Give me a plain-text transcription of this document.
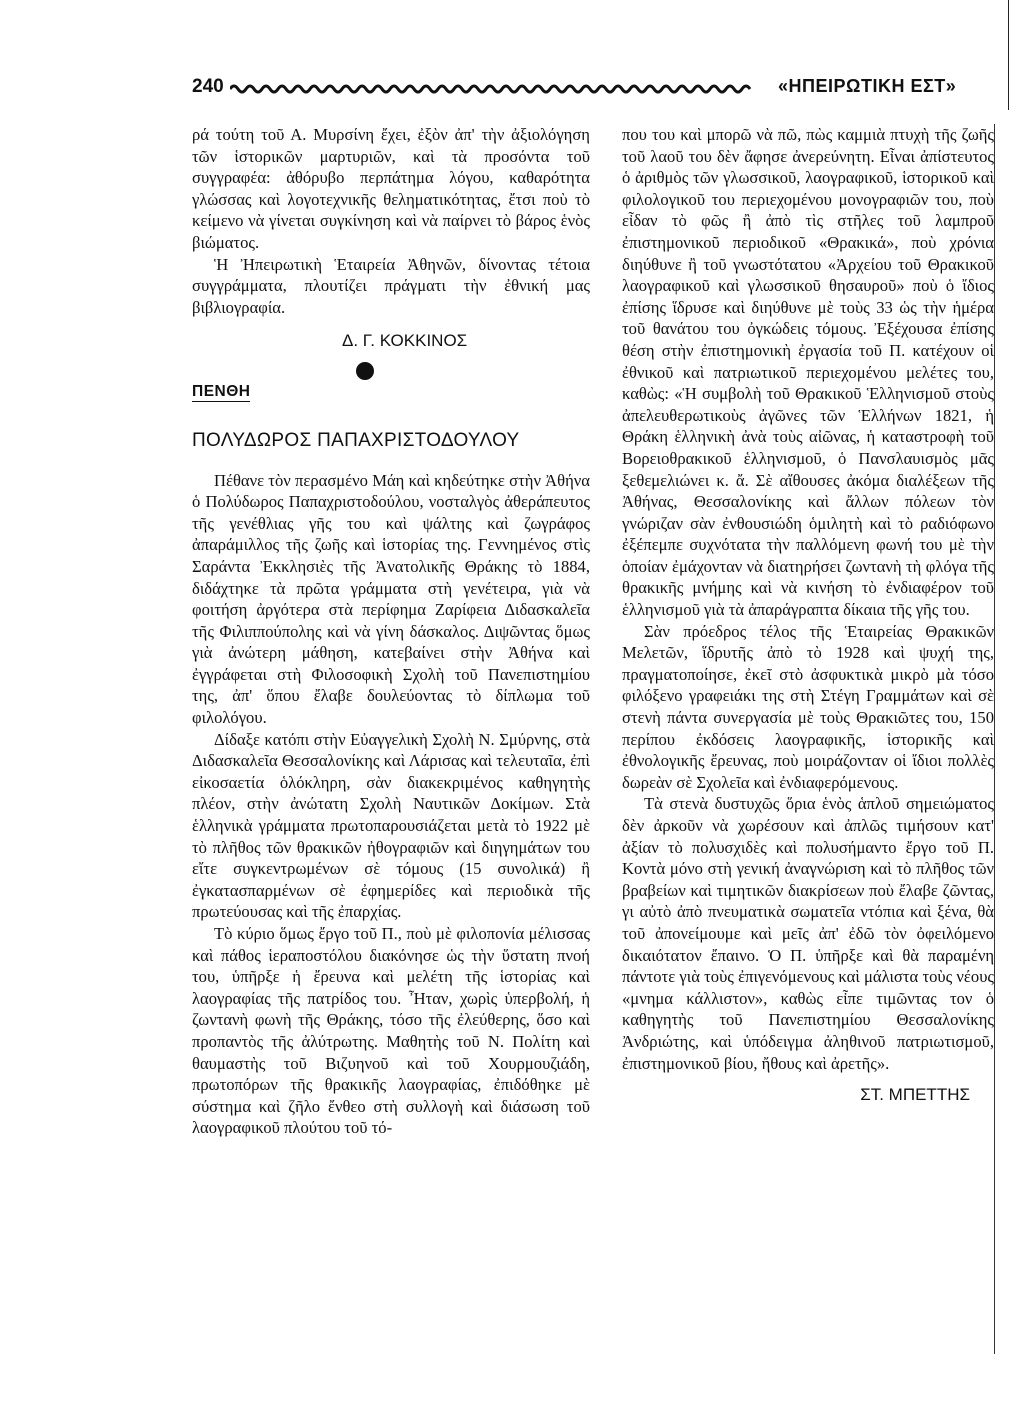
240	«ΗΠΕΙΡΩΤΙΚΗ ΕΣΤ»

ρά τούτη τοῦ Α. Μυρσίνη ἔχει, ἐξὸν ἀπ' τὴν ἀξιολόγηση τῶν ἱστορικῶν μαρτυριῶν, καὶ τὰ προσόντα τοῦ συγγραφέα: ἀθόρυβο περπάτημα λόγου, καθαρότητα γλώσσας καὶ λογοτεχνικῆς θεληματικότητας, ἔτσι ποὺ τὸ κείμενο νὰ γίνεται συγκίνηση καὶ νὰ παίρνει τὸ βάρος ἑνὸς βιώματος.

Ἡ Ἠπειρωτικὴ Ἑταιρεία Ἀθηνῶν, δίνοντας τέτοια συγγράμματα, πλουτίζει πράγματι τὴν ἐθνική μας βιβλιογραφία.

Δ. Γ. ΚΟΚΚΙΝΟΣ
ΠΕΝΘΗ
ΠΟΛΥΔΩΡΟΣ ΠΑΠΑΧΡΙΣΤΟΔΟΥΛΟΥ

Πέθανε τὸν περασμένο Μάη καὶ κηδεύτηκε στὴν Ἀθήνα ὁ Πολύδωρος Παπαχριστοδούλου, νοσταλγὸς ἀθεράπευτος τῆς γενέθλιας γῆς του καὶ ψάλτης καὶ ζωγράφος ἀπαράμιλλος τῆς ζωῆς καὶ ἱστορίας της. Γεννημένος στὶς Σαράντα Ἐκκλησιὲς τῆς Ἀνατολικῆς Θράκης τὸ 1884, διδάχτηκε τὰ πρῶτα γράμματα στὴ γενέτειρα, γιὰ νὰ φοιτήση ἀργότερα στὰ περίφημα Ζαρίφεια Διδασκαλεῖα τῆς Φιλιππούπολης καὶ νὰ γίνη δάσκαλος. Διψῶντας ὅμως γιὰ ἀνώτερη μάθηση, κατεβαίνει στὴν Ἀθήνα καὶ ἐγγράφεται στὴ Φιλοσοφικὴ Σχολὴ τοῦ Πανεπιστημίου της, ἀπ' ὅπου ἔλαβε δουλεύοντας τὸ δίπλωμα τοῦ φιλολόγου.

Δίδαξε κατόπι στὴν Εὐαγγελικὴ Σχολὴ Ν. Σμύρνης, στὰ Διδασκαλεῖα Θεσσαλονίκης καὶ Λάρισας καὶ τελευταῖα, ἐπὶ εἰκοσαετία ὁλόκληρη, σὰν διακεκριμένος καθηγητὴς πλέον, στὴν ἀνώτατη Σχολὴ Ναυτικῶν Δοκίμων. Στὰ ἑλληνικὰ γράμματα πρωτοπαρουσιάζεται μετὰ τὸ 1922 μὲ τὸ πλῆθος τῶν θρακικῶν ἠθογραφιῶν καὶ διηγημάτων του εἴτε συγκεντρωμένων σὲ τόμους (15 συνολικά) ἢ ἐγκατασπαρμένων σὲ ἐφημερίδες καὶ περιοδικὰ τῆς πρωτεύουσας καὶ τῆς ἐπαρχίας.

Τὸ κύριο ὅμως ἔργο τοῦ Π., ποὺ μὲ φιλοπονία μέλισσας καὶ πάθος ἱεραποστόλου διακόνησε ὡς τὴν ὕστατη πνοή του, ὑπῆρξε ἡ ἔρευνα καὶ μελέτη τῆς ἱστορίας καὶ λαογραφίας τῆς πατρίδος του. Ἦταν, χωρὶς ὑπερβολή, ἡ ζωντανὴ φωνὴ τῆς Θράκης, τόσο τῆς ἐλεύθερης, ὅσο καὶ προπαντὸς τῆς ἀλύτρωτης. Μαθητὴς τοῦ Ν. Πολίτη καὶ θαυμαστὴς τοῦ Βιζυηνοῦ καὶ τοῦ Χουρμουζιάδη, πρωτοπόρων τῆς θρακικῆς λαογραφίας, ἐπιδόθηκε μὲ σύστημα καὶ ζῆλο ἔνθεο στὴ συλλογὴ καὶ διάσωση τοῦ λαογραφικοῦ πλούτου τοῦ τό-

που του καὶ μπορῶ νὰ πῶ, πὼς καμμιὰ πτυχὴ τῆς ζωῆς τοῦ λαοῦ του δὲν ἄφησε ἀνερεύνητη. Εἶναι ἀπίστευτος ὁ ἀριθμὸς τῶν γλωσσικοῦ, λαογραφικοῦ, ἱστορικοῦ καὶ φιλολογικοῦ του περιεχομένου μονογραφιῶν του, ποὺ εἶδαν τὸ φῶς ἢ ἀπὸ τὶς στῆλες τοῦ λαμπροῦ ἐπιστημονικοῦ περιοδικοῦ «Θρακικά», ποὺ χρόνια διηύθυνε ἢ τοῦ γνωστότατου «Ἀρχείου τοῦ Θρακικοῦ λαογραφικοῦ καὶ γλωσσικοῦ θησαυροῦ» ποὺ ὁ ἴδιος ἐπίσης ἵδρυσε καὶ διηύθυνε μὲ τοὺς 33 ὡς τὴν ἡμέρα τοῦ θανάτου του ὀγκώδεις τόμους. Ἐξέχουσα ἐπίσης θέση στὴν ἐπιστημονικὴ ἐργασία τοῦ Π. κατέχουν οἱ ἐθνικοῦ καὶ πατριωτικοῦ περιεχομένου μελέτες του, καθὼς: «Ἡ συμβολὴ τοῦ Θρακικοῦ Ἑλληνισμοῦ στοὺς ἀπελευθερωτικοὺς ἀγῶνες τῶν Ἑλλήνων 1821, ἡ Θράκη ἑλληνικὴ ἀνὰ τοὺς αἰῶνας, ἡ καταστροφὴ τοῦ Βορειοθρακικοῦ ἑλληνισμοῦ, ὁ Πανσλαυισμὸς μᾶς ξεθεμελιώνει κ. ἄ. Σὲ αἴθουσες ἀκόμα διαλέξεων τῆς Ἀθήνας, Θεσσαλονίκης καὶ ἄλλων πόλεων τὸν γνώριζαν σὰν ἐνθουσιώδη ὁμιλητὴ καὶ τὸ ραδιόφωνο ἐξέπεμπε συχνότατα τὴν παλλόμενη φωνή του μὲ τὴν ὁποίαν ἐμάχονταν νὰ διατηρήσει ζωντανὴ τὴ φλόγα τῆς θρακικῆς μνήμης καὶ νὰ κινήση τὸ ἐνδιαφέρον τοῦ ἑλληνισμοῦ γιὰ τὰ ἀπαράγραπτα δίκαια τῆς γῆς του.

Σὰν πρόεδρος τέλος τῆς Ἑταιρείας Θρακικῶν Μελετῶν, ἵδρυτῆς ἀπὸ τὸ 1928 καὶ ψυχή της, πραγματοποίησε, ἐκεῖ στὸ ἀσφυκτικὰ μικρὸ μὰ τόσο φιλόξενο γραφειάκι της στὴ Στέγη Γραμμάτων καὶ σὲ στενὴ πάντα συνεργασία μὲ τοὺς Θρακιῶτες του, 150 περίπου ἐκδόσεις λαογραφικῆς, ἱστορικῆς καὶ ἐθνολογικῆς ἔρευνας, ποὺ μοιράζονταν οἱ ἴδιοι πολλὲς δωρεὰν σὲ Σχολεῖα καὶ ἐνδιαφερόμενους.

Τὰ στενὰ δυστυχῶς ὅρια ἑνὸς ἁπλοῦ σημειώματος δὲν ἀρκοῦν νὰ χωρέσουν καὶ ἀπλῶς τιμήσουν κατ' ἀξίαν τὸ πολυσχιδὲς καὶ πολυσήμαντο ἔργο τοῦ Π. Κοντὰ μόνο στὴ γενική ἀναγνώριση καὶ τὸ πλῆθος τῶν βραβείων καὶ τιμητικῶν διακρίσεων ποὺ ἔλαβε ζῶντας, γι αὐτὸ ἀπὸ πνευματικὰ σωματεῖα ντόπια καὶ ξένα, θὰ τοῦ ἀπονείμουμε καὶ μεῖς ἀπ' ἐδῶ τὸν ὀφειλόμενο δικαιότατον ἔπαινο. Ὁ Π. ὑπῆρξε καὶ θὰ παραμένη πάντοτε γιὰ τοὺς ἐπιγενόμενους καὶ μάλιστα τοὺς νέους «μνημα κάλλιστον», καθὼς εἶπε τιμῶντας τον ὁ καθηγητὴς τοῦ Πανεπιστημίου Θεσσαλονίκης Ἀνδριώτης, καὶ ὑπόδειγμα ἀληθινοῦ πατριωτισμοῦ, ἐπιστημονικοῦ βίου, ἤθους καὶ ἀρετῆς».

ΣΤ. ΜΠΕΤΤΗΣ
